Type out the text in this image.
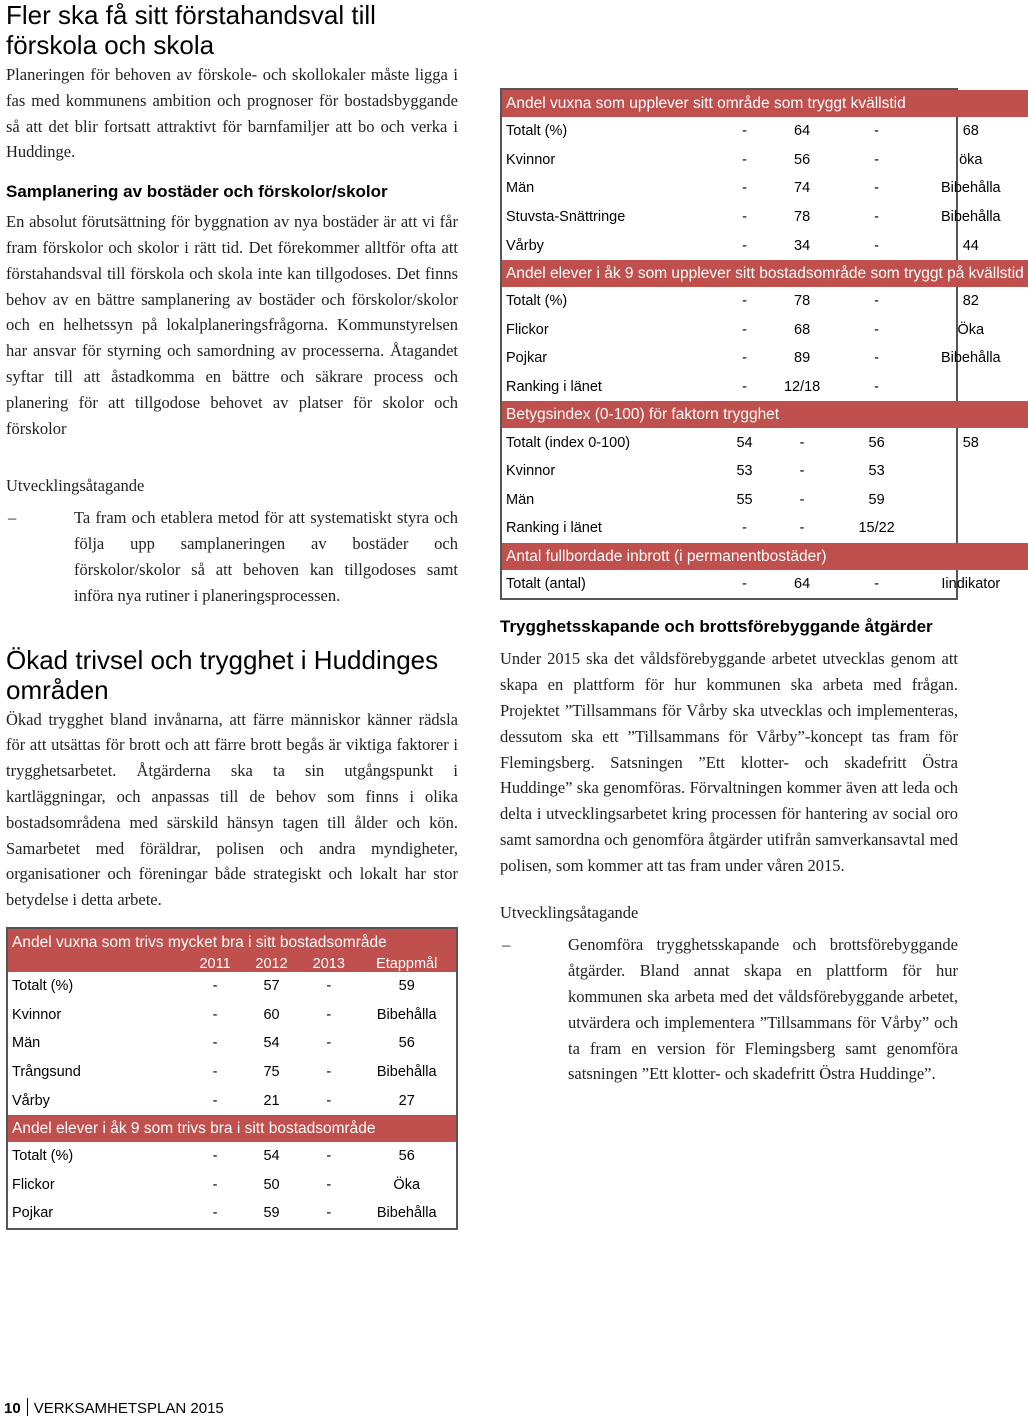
Fler ska få sitt förstahandsval till förskola och skola

Planeringen för behoven av förskole- och skollokaler måste ligga i fas med kommunens ambition och prognoser för bostadsbyggande så att det blir fortsatt attraktivt för barnfamiljer att bo och verka i Huddinge.

Samplanering av bostäder och förskolor/skolor

En absolut förutsättning för byggnation av nya bostäder är att vi får fram förskolor och skolor i rätt tid. Det förekommer alltför ofta att förstahandsval till förskola och skola inte kan tillgodoses. Det finns behov av en bättre samplanering av bostäder och förskolor/skolor och en helhetssyn på lokalplaneringsfrågorna. Kommunstyrelsen har ansvar för styrning och samordning av processerna. Åtagandet syftar till att åstadkomma en bättre och säkrare process och planering för att tillgodose behovet av platser för skolor och förskolor

Utvecklingsåtagande
–	Ta fram och etablera metod för att systematiskt styra och följa upp samplaneringen av bostäder och förskolor/skolor så att behoven kan tillgodoses samt införa nya rutiner i planeringsprocessen.
Ökad trivsel och trygghet i Huddinges områden

Ökad trygghet bland invånarna, att färre människor känner rädsla för att utsättas för brott och att färre brott begås är viktiga faktorer i trygghetsarbetet. Åtgärderna ska ta sin utgångspunkt i kartläggningar, och anpassas till de behov som finns i olika bostadsområdena med särskild hänsyn tagen till ålder och kön. Samarbetet med föräldrar, polisen och andra myndigheter, organisationer och föreningar både strategiskt och lokalt har stor betydelse i detta arbete.

Andel vuxna som trivs mycket bra i sitt bostadsområde				
	2011	2012	2013	Etappmål
Totalt (%)	-	57	-	59
Kvinnor	-	60	-	Bibehålla
Män	-	54	-	56
Trångsund	-	75	-	Bibehålla
Vårby	-	21	-	27
Andel elever i åk 9 som trivs bra i sitt bostadsområde				
Totalt (%)	-	54	-	56
Flickor	-	50	-	Öka
Pojkar	-	59	-	Bibehålla
Andel vuxna som upplever sitt område som tryggt kvällstid				
Totalt (%)	-	64	-	68
Kvinnor	-	56	-	öka
Män	-	74	-	Bibehålla
Stuvsta-Snättringe	-	78	-	Bibehålla
Vårby	-	34	-	44
Andel elever i åk 9 som upplever sitt bostadsområde som tryggt på kvällstid				
Totalt (%)	-	78	-	82
Flickor	-	68	-	Öka
Pojkar	-	89	-	Bibehålla
Ranking i länet	-	12/18	-	
Betygsindex (0-100) för faktorn trygghet				
Totalt (index 0-100)	54	-	56	58
Kvinnor	53	-	53	
Män	55	-	59	
Ranking i länet	-	-	15/22	
Antal fullbordade inbrott (i permanentbostäder)				
Totalt (antal)	-	64	-	Iindikator
Trygghetsskapande och brottsförebyggande åtgärder

Under 2015 ska det våldsförebyggande arbetet utvecklas genom att skapa en plattform för hur kommunen ska arbeta med frågan. Projektet ”Tillsammans för Vårby ska utvecklas och implementeras, dessutom ska ett ”Tillsammans för Vårby”-koncept tas fram för Flemingsberg. Satsningen ”Ett klotter- och skadefritt Östra Huddinge” ska genomföras. Förvaltningen kommer även att leda och delta i utvecklingsarbetet kring processen för hantering av social oro samt samordna och genomföra åtgärder utifrån samverkansavtal med polisen, som kommer att tas fram under våren 2015.

Utvecklingsåtagande
–	Genomföra trygghetsskapande och brottsförebyggande åtgärder. Bland annat skapa en plattform för hur kommunen ska arbeta med det våldsförebyggande arbetet, utvärdera och implementera ”Tillsammans för Vårby” och ta fram en version för Flemingsberg samt genomföra satsningen ”Ett klotter- och skadefritt Östra Huddinge”.
10 VERKSAMHETSPLAN 2015
